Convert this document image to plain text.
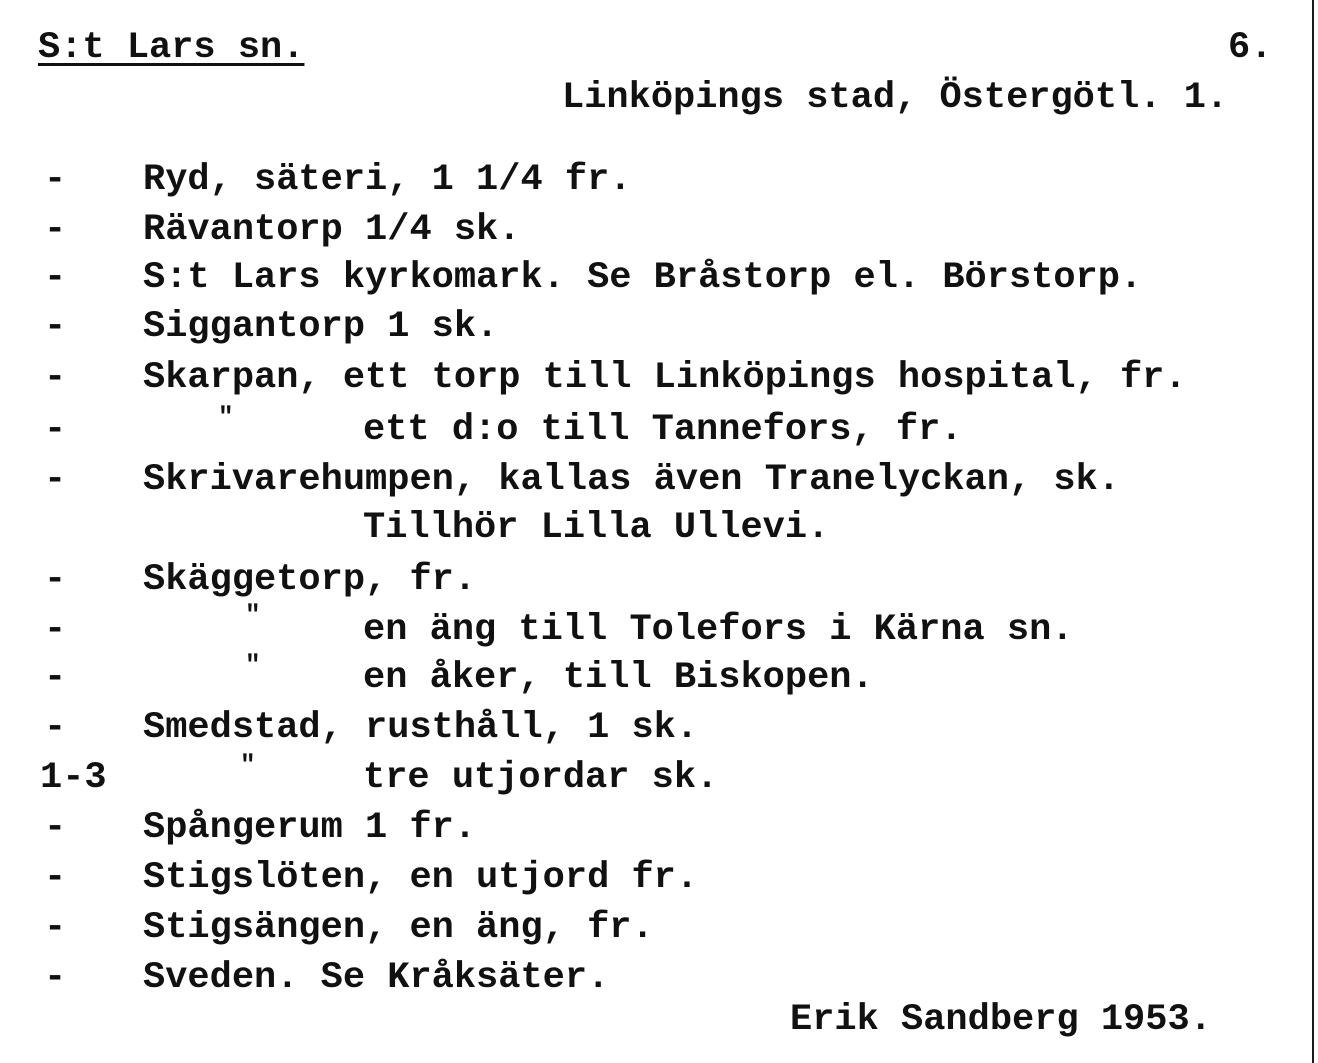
S:t Lars sn.	6.
Linköpings stad, Östergötl. 1.
- Ryd, säteri, 1 1/4 fr.
- Rävantorp 1/4 sk.
- S:t Lars kyrkomark. Se Bråstorp el. Börstorp.
- Siggantorp 1 sk.
- Skarpan, ett torp till Linköpings hospital, fr.
-	"	ett d:o till Tannefors, fr.
- Skrivarehumpen, kallas även Tranelyckan, sk.
Tillhör Lilla Ullevi.
- Skäggetorp, fr.
-	"	en äng till Tolefors i Kärna sn.
-	"	en åker, till Biskopen.
- Smedstad, rusthåll, 1 sk.
1-3	"	tre utjordar sk.
- Spångerum 1 fr.
- Stigslöten, en utjord fr.
- Stigsängen, en äng, fr.
- Sveden. Se Kråksäter.
Erik Sandberg 1953.
